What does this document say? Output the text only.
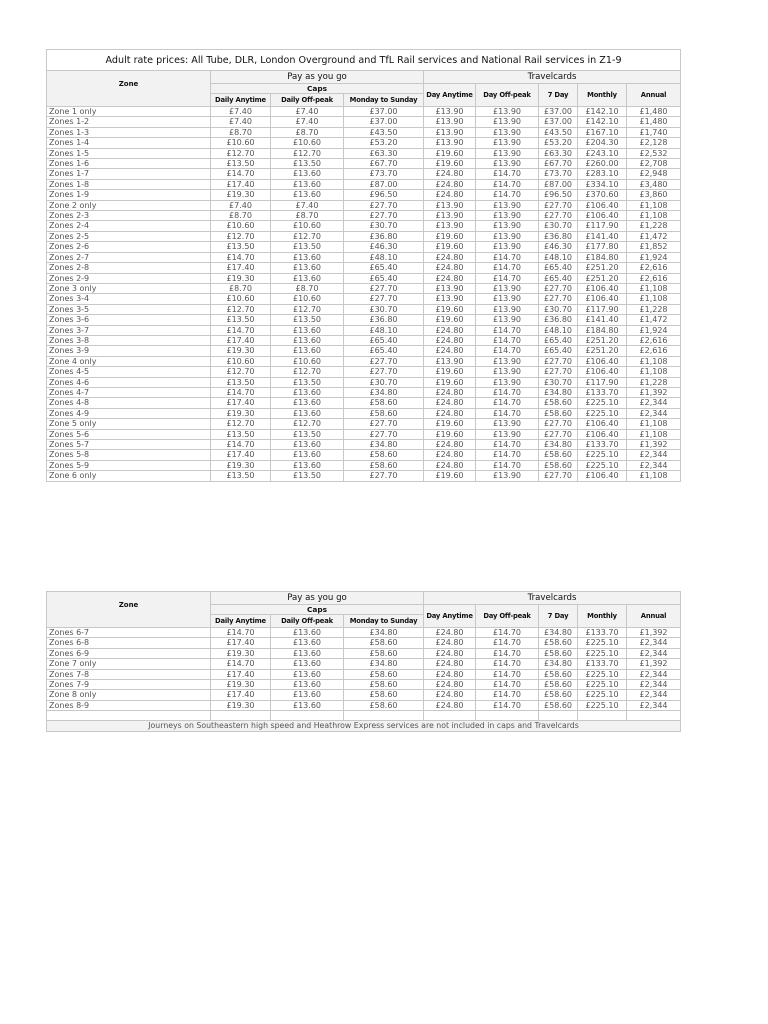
Adult rate prices: All Tube, DLR, London Overground and TfL Rail services and National Rail services in Z1-9								
Zone	Pay as you go			Travelcards				
	Caps			Day Anytime	Day Off-peak	7 Day	Monthly	Annual
	Daily Anytime	Daily Off-peak	Monday to Sunday					
Zone 1 only	£7.40	£7.40	£37.00	£13.90	£13.90	£37.00	£142.10	£1,480
Zones 1-2	£7.40	£7.40	£37.00	£13.90	£13.90	£37.00	£142.10	£1,480
Zones 1-3	£8.70	£8.70	£43.50	£13.90	£13.90	£43.50	£167.10	£1,740
Zones 1-4	£10.60	£10.60	£53.20	£13.90	£13.90	£53.20	£204.30	£2,128
Zones 1-5	£12.70	£12.70	£63.30	£19.60	£13.90	£63.30	£243.10	£2,532
Zones 1-6	£13.50	£13.50	£67.70	£19.60	£13.90	£67.70	£260.00	£2,708
Zones 1-7	£14.70	£13.60	£73.70	£24.80	£14.70	£73.70	£283.10	£2,948
Zones 1-8	£17.40	£13.60	£87.00	£24.80	£14.70	£87.00	£334.10	£3,480
Zones 1-9	£19.30	£13.60	£96.50	£24.80	£14.70	£96.50	£370.60	£3,860
Zone 2 only	£7.40	£7.40	£27.70	£13.90	£13.90	£27.70	£106.40	£1,108
Zones 2-3	£8.70	£8.70	£27.70	£13.90	£13.90	£27.70	£106.40	£1,108
Zones 2-4	£10.60	£10.60	£30.70	£13.90	£13.90	£30.70	£117.90	£1,228
Zones 2-5	£12.70	£12.70	£36.80	£19.60	£13.90	£36.80	£141.40	£1,472
Zones 2-6	£13.50	£13.50	£46.30	£19.60	£13.90	£46.30	£177.80	£1,852
Zones 2-7	£14.70	£13.60	£48.10	£24.80	£14.70	£48.10	£184.80	£1,924
Zones 2-8	£17.40	£13.60	£65.40	£24.80	£14.70	£65.40	£251.20	£2,616
Zones 2-9	£19.30	£13.60	£65.40	£24.80	£14.70	£65.40	£251.20	£2,616
Zone 3 only	£8.70	£8.70	£27.70	£13.90	£13.90	£27.70	£106.40	£1,108
Zones 3-4	£10.60	£10.60	£27.70	£13.90	£13.90	£27.70	£106.40	£1,108
Zones 3-5	£12.70	£12.70	£30.70	£19.60	£13.90	£30.70	£117.90	£1,228
Zones 3-6	£13.50	£13.50	£36.80	£19.60	£13.90	£36.80	£141.40	£1,472
Zones 3-7	£14.70	£13.60	£48.10	£24.80	£14.70	£48.10	£184.80	£1,924
Zones 3-8	£17.40	£13.60	£65.40	£24.80	£14.70	£65.40	£251.20	£2,616
Zones 3-9	£19.30	£13.60	£65.40	£24.80	£14.70	£65.40	£251.20	£2,616
Zone 4 only	£10.60	£10.60	£27.70	£13.90	£13.90	£27.70	£106.40	£1,108
Zones 4-5	£12.70	£12.70	£27.70	£19.60	£13.90	£27.70	£106.40	£1,108
Zones 4-6	£13.50	£13.50	£30.70	£19.60	£13.90	£30.70	£117.90	£1,228
Zones 4-7	£14.70	£13.60	£34.80	£24.80	£14.70	£34.80	£133.70	£1,392
Zones 4-8	£17.40	£13.60	£58.60	£24.80	£14.70	£58.60	£225.10	£2,344
Zones 4-9	£19.30	£13.60	£58.60	£24.80	£14.70	£58.60	£225.10	£2,344
Zone 5 only	£12.70	£12.70	£27.70	£19.60	£13.90	£27.70	£106.40	£1,108
Zones 5-6	£13.50	£13.50	£27.70	£19.60	£13.90	£27.70	£106.40	£1,108
Zones 5-7	£14.70	£13.60	£34.80	£24.80	£14.70	£34.80	£133.70	£1,392
Zones 5-8	£17.40	£13.60	£58.60	£24.80	£14.70	£58.60	£225.10	£2,344
Zones 5-9	£19.30	£13.60	£58.60	£24.80	£14.70	£58.60	£225.10	£2,344
Zone 6 only	£13.50	£13.50	£27.70	£19.60	£13.90	£27.70	£106.40	£1,108
Zone	Pay as you go			Travelcards				
	Caps			Day Anytime	Day Off-peak	7 Day	Monthly	Annual
	Daily Anytime	Daily Off-peak	Monday to Sunday					
Zones 6-7	£14.70	£13.60	£34.80	£24.80	£14.70	£34.80	£133.70	£1,392
Zones 6-8	£17.40	£13.60	£58.60	£24.80	£14.70	£58.60	£225.10	£2,344
Zones 6-9	£19.30	£13.60	£58.60	£24.80	£14.70	£58.60	£225.10	£2,344
Zone 7 only	£14.70	£13.60	£34.80	£24.80	£14.70	£34.80	£133.70	£1,392
Zones 7-8	£17.40	£13.60	£58.60	£24.80	£14.70	£58.60	£225.10	£2,344
Zones 7-9	£19.30	£13.60	£58.60	£24.80	£14.70	£58.60	£225.10	£2,344
Zone 8 only	£17.40	£13.60	£58.60	£24.80	£14.70	£58.60	£225.10	£2,344
Zones 8-9	£19.30	£13.60	£58.60	£24.80	£14.70	£58.60	£225.10	£2,344

Journeys on Southeastern high speed and Heathrow Express services are not included in caps and Travelcards								
